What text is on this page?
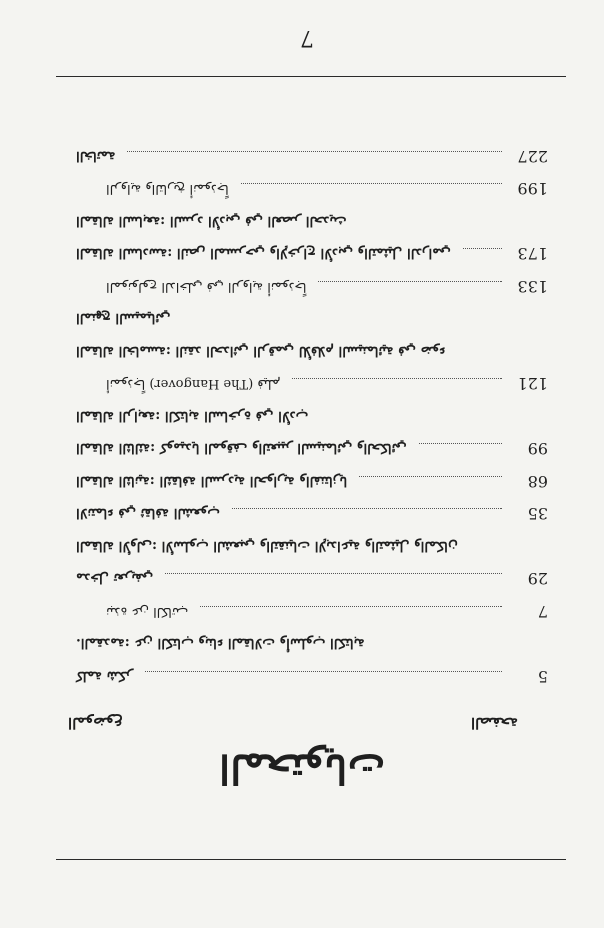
المحتويات
الموضوع	الصفحة
كلمة شكر	5
المقدمة: عن الكتاب وبناء المقالات وأسلوب الكتابة.
نبذة عن الكاتب	7
مدخل تعريفي	29
المقالة الأولى: الأسلوب الشعبي والتقنيات الإبداعية والتمثيل والمكان
الانتماء في ثقافة الشعوب	35
المقالة الثانية: الثقافة السردية الحوارية والفنتازيا	68
المقالة الثالثة: كوميديا الموقف والتعبير السينمائي والحكائي	99
المقالة الرابعة: الكتابة الساخرة في الأدب
فيلم (The Hangover) أنموذجاً	121
المقالة الخامسة: النقد الحداثي الرقمي للأفلام السينمائية في ضوء
المنهج السيميائي
المونولوج الداخلي في الرواية أنموذجاً	133
المقالة السادسة: النص المسرحي والإخراج الأدبي والتمثيل الدرامي	173
المقالة السابعة: السرد الأدبي في العصر الحديث
الرواية والتاريخ أنموذجاً	199
الخاتمة	227
7
